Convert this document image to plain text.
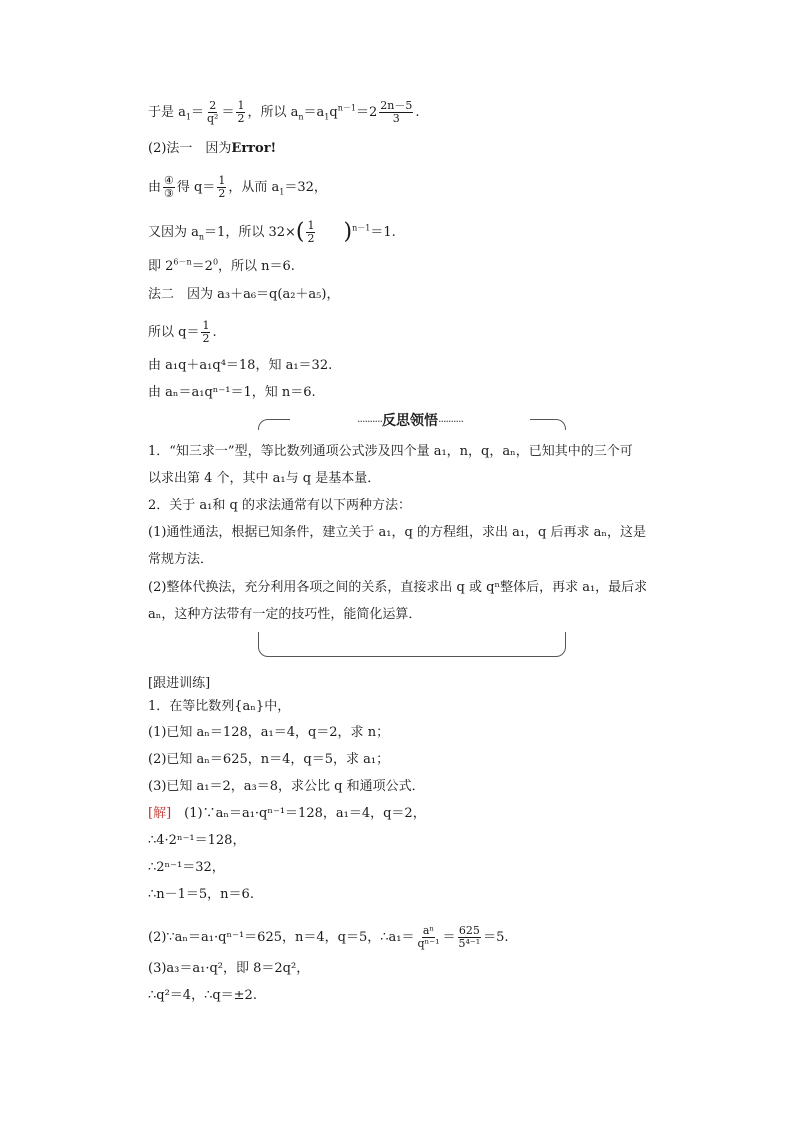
于是 $a_1= \frac{2}{\text{q²}} = \frac{1}{2}$ ，所以 $a_n=a_1q^{n-1}=2 \frac{2n-5}{3}$ .
(2)法一　因为Error!
由 $\frac{\text{④}}{\text{③}}$ 得 $q= \frac{1}{2}$ ，从而 $a_1=32$，
又因为 $a_n=1$，所以 $32\times( \frac{1}{2} )^{n-1}=1$.
即 $2^{6-n}=2^0$，所以 n＝6.
法二　因为 a₃＋a₆＝q(a₂＋a₅)，
所以 $q= \frac{1}{2}$ .
由 a₁q＋a₁q⁴＝18，知 a₁＝32.
由 aₙ＝a₁qⁿ⁻¹＝1，知 n＝6.
··········反思领悟··········
1．“知三求一”型，等比数列通项公式涉及四个量 a₁，n，q，aₙ，已知其中的三个可
以求出第 4 个，其中 a₁与 q 是基本量．
2．关于 a₁和 q 的求法通常有以下两种方法：
(1)通性通法，根据已知条件，建立关于 a₁，q 的方程组，求出 a₁，q 后再求 aₙ，这是
常规方法．
(2)整体代换法，充分利用各项之间的关系，直接求出 q 或 qⁿ整体后，再求 a₁，最后求
aₙ，这种方法带有一定的技巧性，能简化运算．
[跟进训练]
1．在等比数列{aₙ}中，
(1)已知 aₙ＝128，a₁＝4，q＝2，求 n；
(2)已知 aₙ＝625，n＝4，q＝5，求 a₁；
(3)已知 a₁＝2，a₃＝8，求公比 q 和通项公式．
[解]　(1)∵aₙ＝a₁·qⁿ⁻¹＝128，a₁＝4，q＝2，
∴4·2ⁿ⁻¹＝128，
∴2ⁿ⁻¹＝32，
∴n－1＝5，n＝6.
(2)∵aₙ＝a₁·qⁿ⁻¹＝625，n＝4，q＝5，∴a₁＝ $\frac{\text{aⁿ}}{\text{qⁿ⁻¹}} = \frac{625}{\text{5⁴⁻¹}} =5$.
(3)a₃＝a₁·q²，即 8＝2q²，
∴q²＝4，∴q＝±2.
